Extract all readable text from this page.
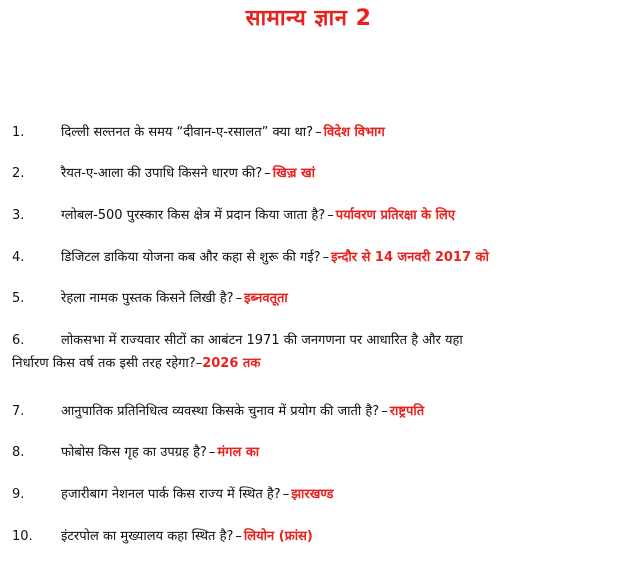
सामान्य ज्ञान 2
1.	दिल्ली सल्तनत के समय “दीवान-ए-रसालत” क्या था? – विदेश विभाग
2.	रैयत-ए-आला की उपाधि किसने धारण की? – खिज़्र खां
3.	ग्लोबल-500 पुरस्कार किस क्षेत्र में प्रदान किया जाता है? – पर्यावरण प्रतिरक्षा के लिए
4.	डिजिटल डाकिया योजना कब और कहा से शुरू की गई? – इन्दौर से 14 जनवरी 2017 को
5.	रेहला नामक पुस्तक किसने लिखी है? – इब्नवतूता
6.	लोकसभा में राज्यवार सीटों का आबंटन 1971 की जनगणना पर आधारित है और यहा
निर्धारण किस वर्ष तक इसी तरह रहेगा?–2026 तक
7.	आनुपातिक प्रतिनिधित्व व्यवस्था किसके चुनाव में प्रयोग की जाती है? – राष्ट्रपति
8.	फोबोस किस गृह का उपग्रह है? – मंगल का
9.	हजारीबाग नेशनल पार्क किस राज्य में स्थित है? – झारखण्ड
10. इंटरपोल का मुख्यालय कहा स्थित है? – लियोन (फ्रांस)
